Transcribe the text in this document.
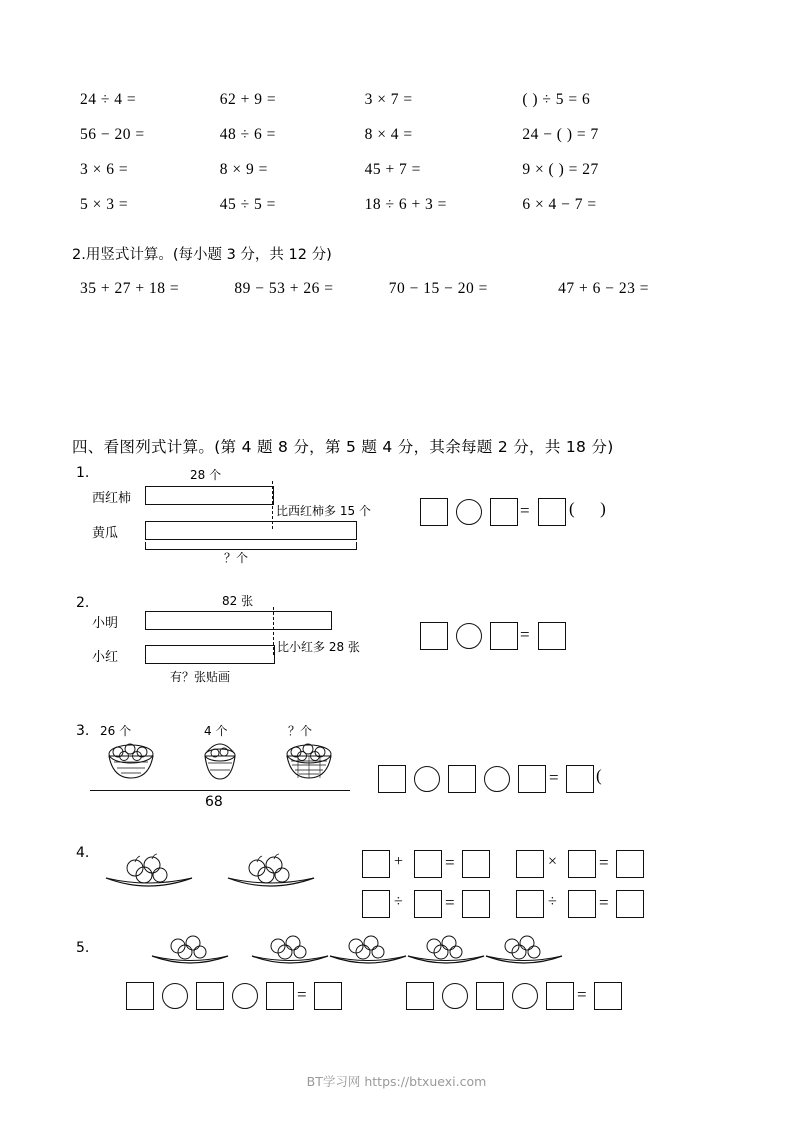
24 ÷ 4 =	62 + 9 =	3 × 7 =	( ) ÷ 5 = 6
56 − 20 =	48 ÷ 6 =	8 × 4 =	24 − ( ) = 7
3 × 6 =	8 × 9 =	45 + 7 =	9 × ( ) = 27
5 × 3 =	45 ÷ 5 =	18 ÷ 6 + 3 =	6 × 4 − 7 =
2.用竖式计算。(每小题 3 分，共 12 分)
35 + 27 + 18 =	89 − 53 + 26 =	70 − 15 − 20 =	47 + 6 − 23 =
四、看图列式计算。(第 4 题 8 分，第 5 题 4 分，其余每题 2 分，共 18 分)
1.
西红柿
黄瓜
28 个
比西红柿多 15 个
？个
= (      )
2.
小明
小红
82 张
比小红多 28 张
有？张贴画
=
3. 26 个	4 个	？个
68
= (
4.	+ =	× =
÷ =	÷ =
5.
=	=
BT学习网 https://btxuexi.com
